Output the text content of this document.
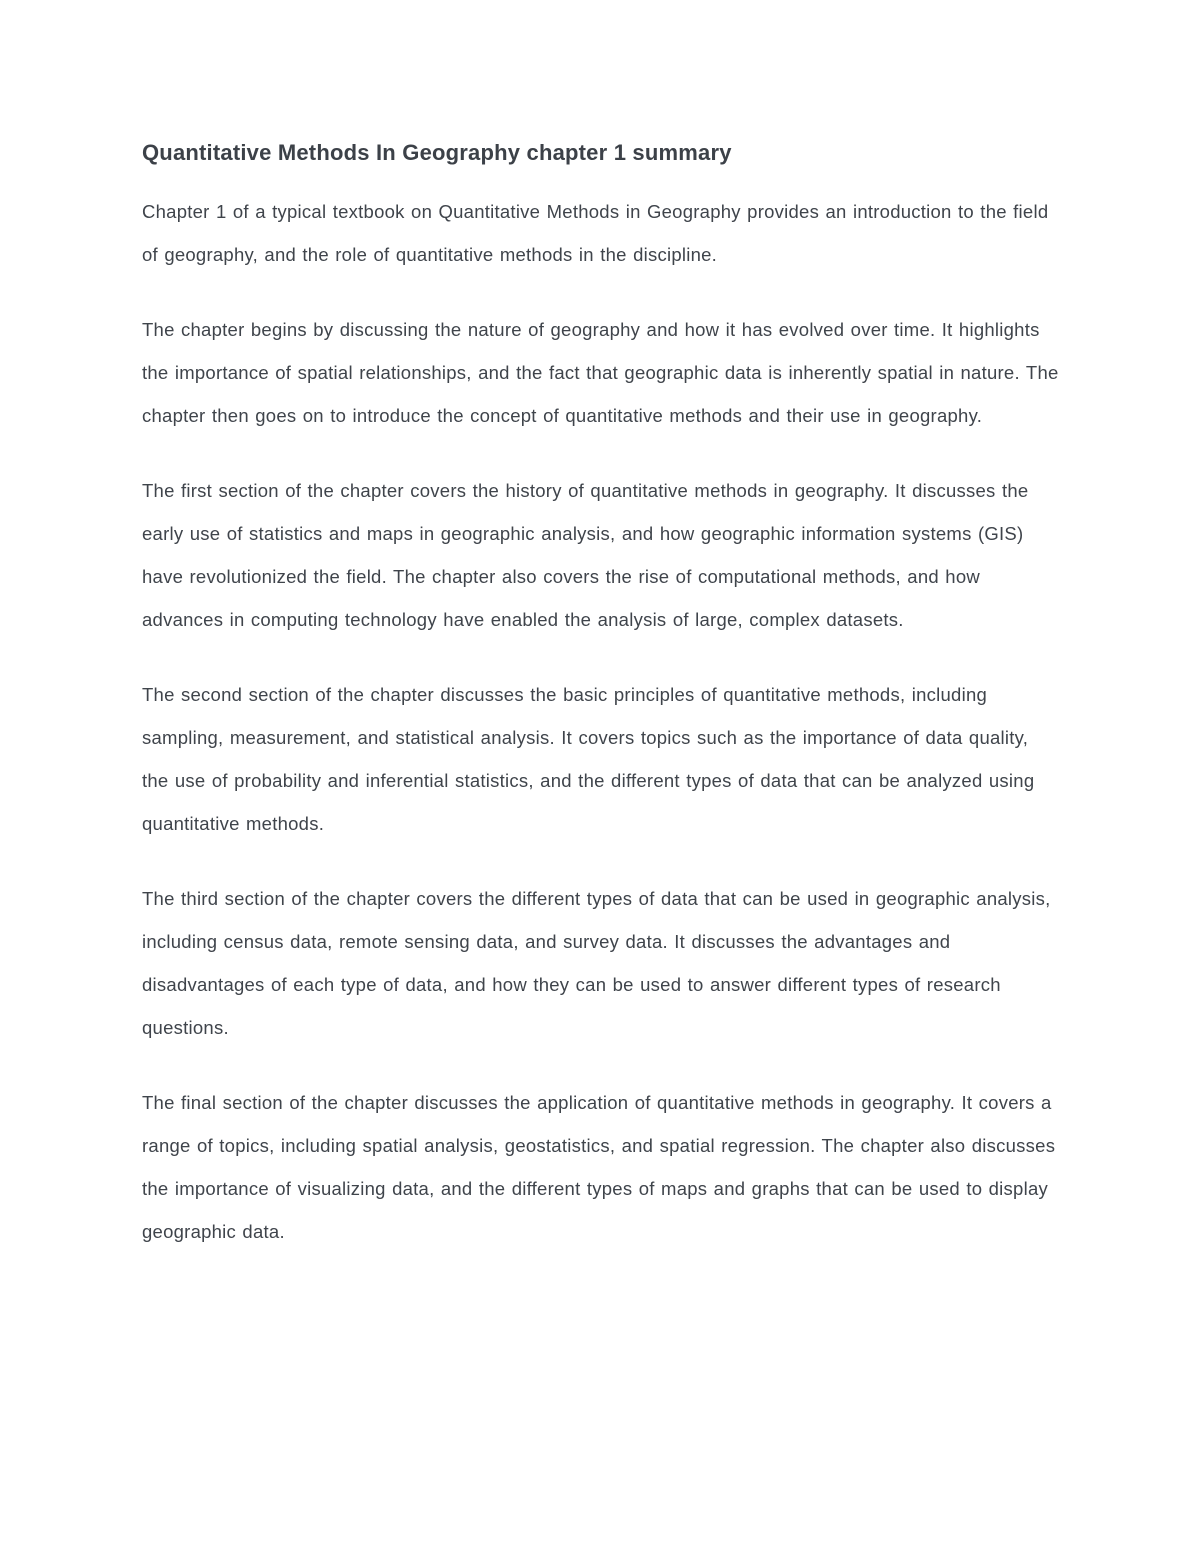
Quantitative Methods In Geography chapter 1 summary

Chapter 1 of a typical textbook on Quantitative Methods in Geography provides an introduction to the field of geography, and the role of quantitative methods in the discipline.

The chapter begins by discussing the nature of geography and how it has evolved over time. It highlights the importance of spatial relationships, and the fact that geographic data is inherently spatial in nature. The chapter then goes on to introduce the concept of quantitative methods and their use in geography.

The first section of the chapter covers the history of quantitative methods in geography. It discusses the early use of statistics and maps in geographic analysis, and how geographic information systems (GIS) have revolutionized the field. The chapter also covers the rise of computational methods, and how advances in computing technology have enabled the analysis of large, complex datasets.

The second section of the chapter discusses the basic principles of quantitative methods, including sampling, measurement, and statistical analysis. It covers topics such as the importance of data quality, the use of probability and inferential statistics, and the different types of data that can be analyzed using quantitative methods.

The third section of the chapter covers the different types of data that can be used in geographic analysis, including census data, remote sensing data, and survey data. It discusses the advantages and disadvantages of each type of data, and how they can be used to answer different types of research questions.

The final section of the chapter discusses the application of quantitative methods in geography. It covers a range of topics, including spatial analysis, geostatistics, and spatial regression. The chapter also discusses the importance of visualizing data, and the different types of maps and graphs that can be used to display geographic data.
